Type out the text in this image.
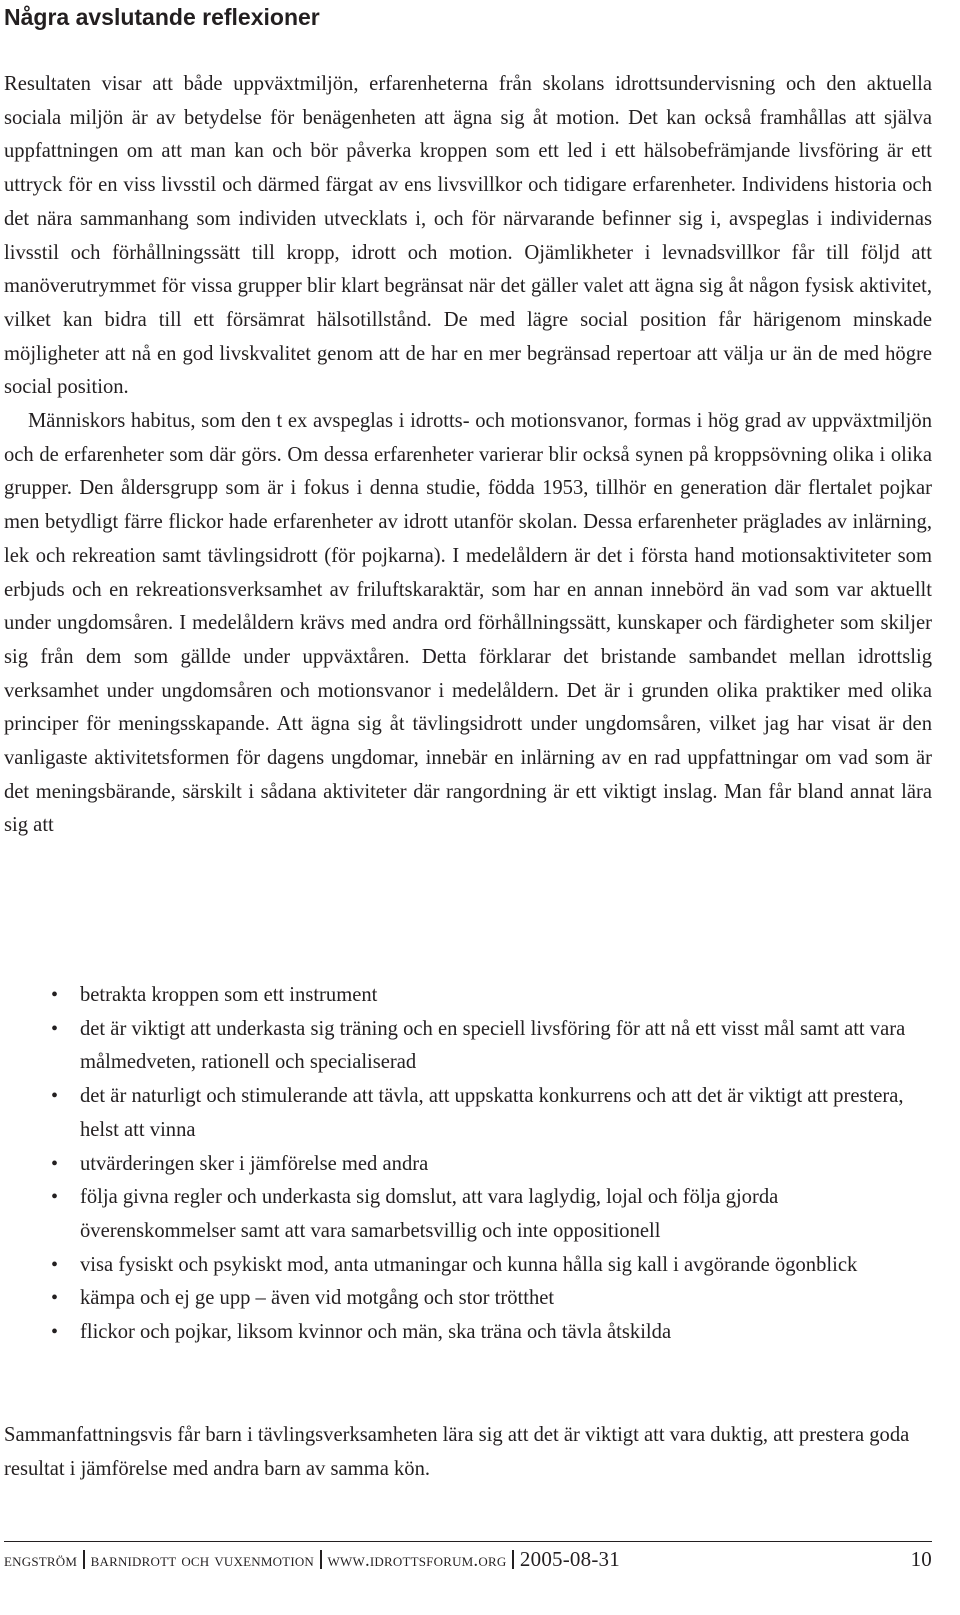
Några avslutande reflexioner

Resultaten visar att både uppväxtmiljön, erfarenheterna från skolans idrottsundervisning och den aktuella sociala miljön är av betydelse för benägenheten att ägna sig åt motion. Det kan också framhållas att själva uppfattningen om att man kan och bör påverka kroppen som ett led i ett hälsobefrämjande livsföring är ett uttryck för en viss livsstil och därmed färgat av ens livsvillkor och tidigare erfarenheter. Individens historia och det nära sammanhang som individen utvecklats i, och för närvarande befinner sig i, avspeglas i individernas livsstil och förhållningssätt till kropp, idrott och motion. Ojämlikheter i levnadsvillkor får till följd att manöverutrymmet för vissa grupper blir klart begränsat när det gäller valet att ägna sig åt någon fysisk aktivitet, vilket kan bidra till ett försämrat hälsotillstånd. De med lägre social position får härigenom minskade möjligheter att nå en god livskvalitet genom att de har en mer begränsad repertoar att välja ur än de med högre social position.

Människors habitus, som den t ex avspeglas i idrotts- och motionsvanor, formas i hög grad av uppväxtmiljön och de erfarenheter som där görs. Om dessa erfarenheter varierar blir också synen på kroppsövning olika i olika grupper. Den åldersgrupp som är i fokus i denna studie, födda 1953, tillhör en generation där flertalet pojkar men betydligt färre flickor hade erfarenheter av idrott utanför skolan. Dessa erfarenheter präglades av inlärning, lek och rekreation samt tävlingsidrott (för pojkarna). I medelåldern är det i första hand motionsaktiviteter som erbjuds och en rekreationsverksamhet av friluftskaraktär, som har en annan innebörd än vad som var aktuellt under ungdomsåren. I medelåldern krävs med andra ord förhållningssätt, kunskaper och färdigheter som skiljer sig från dem som gällde under uppväxtåren. Detta förklarar det bristande sambandet mellan idrottslig verksamhet under ungdomsåren och motionsvanor i medelåldern. Det är i grunden olika praktiker med olika principer för meningsskapande. Att ägna sig åt tävlingsidrott under ungdomsåren, vilket jag har visat är den vanligaste aktivitetsformen för dagens ungdomar, innebär en inlärning av en rad uppfattningar om vad som är det meningsbärande, särskilt i sådana aktiviteter där rangordning är ett viktigt inslag. Man får bland annat lära sig att

• betrakta kroppen som ett instrument
• det är viktigt att underkasta sig träning och en speciell livsföring för att nå ett visst mål samt att vara målmedveten, rationell och specialiserad
• det är naturligt och stimulerande att tävla, att uppskatta konkurrens och att det är viktigt att prestera, helst att vinna
• utvärderingen sker i jämförelse med andra
• följa givna regler och underkasta sig domslut, att vara laglydig, lojal och följa gjorda överenskommelser samt att vara samarbetsvillig och inte oppositionell
• visa fysiskt och psykiskt mod, anta utmaningar och kunna hålla sig kall i avgörande ögonblick
• kämpa och ej ge upp – även vid motgång och stor trötthet
• flickor och pojkar, liksom kvinnor och män, ska träna och tävla åtskilda

Sammanfattningsvis får barn i tävlingsverksamheten lära sig att det är viktigt att vara duktig, att prestera goda resultat i jämförelse med andra barn av samma kön.

engström barnidrott och vuxenmotion www.idrottsforum.org 2005-08-31	10
